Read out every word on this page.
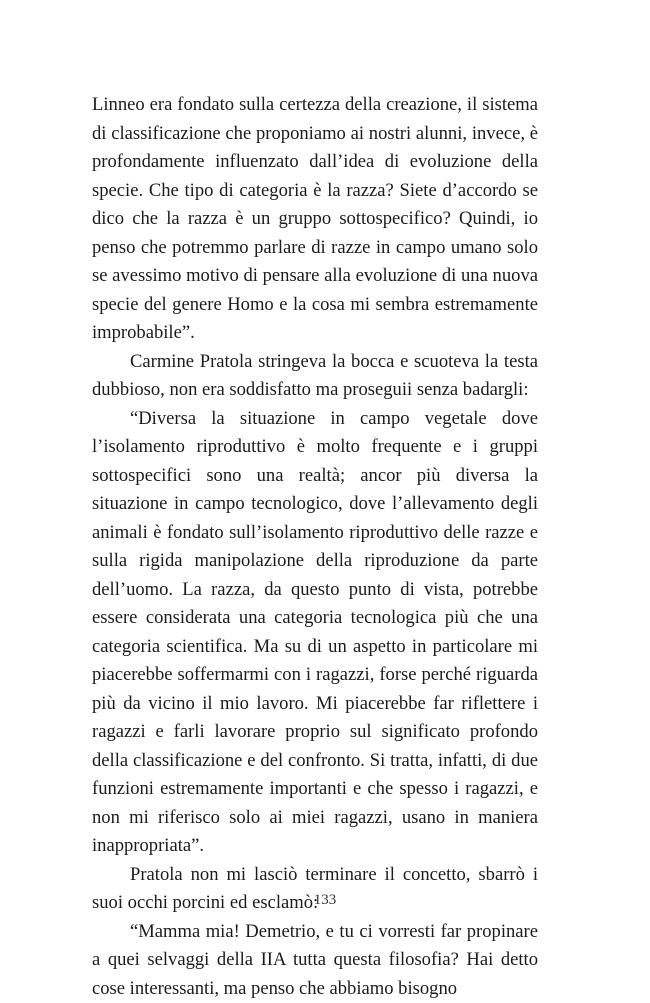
Linneo era fondato sulla certezza della creazione, il sistema di classificazione che proponiamo ai nostri alunni, invece, è profondamente influenzato dall’idea di evoluzione della specie. Che tipo di categoria è la razza? Siete d’accordo se dico che la razza è un gruppo sottospecifico? Quindi, io penso che potremmo parlare di razze in campo umano solo se avessimo motivo di pensare alla evoluzione di una nuova specie del genere Homo e la cosa mi sembra estremamente improbabile”.

Carmine Pratola stringeva la bocca e scuoteva la testa dubbioso, non era soddisfatto ma proseguii senza badargli:

“Diversa la situazione in campo vegetale dove l’isolamento riproduttivo è molto frequente e i gruppi sottospecifici sono una realtà; ancor più diversa la situazione in campo tecnologico, dove l’allevamento degli animali è fondato sull’isolamento riproduttivo delle razze e sulla rigida manipolazione della riproduzione da parte dell’uomo. La razza, da questo punto di vista, potrebbe essere considerata una categoria tecnologica più che una categoria scientifica. Ma su di un aspetto in particolare mi piacerebbe soffermarmi con i ragazzi, forse perché riguarda più da vicino il mio lavoro. Mi piacerebbe far riflettere i ragazzi e farli lavorare proprio sul significato profondo della classificazione e del confronto. Si tratta, infatti, di due funzioni estremamente importanti e che spesso i ragazzi, e non mi riferisco solo ai miei ragazzi, usano in maniera inappropriata”.

Pratola non mi lasciò terminare il concetto, sbarrò i suoi occhi porcini ed esclamò:

“Mamma mia! Demetrio, e tu ci vorresti far propinare a quei selvaggi della IIA tutta questa filosofia? Hai detto cose interessanti, ma penso che abbiamo bisogno

133
